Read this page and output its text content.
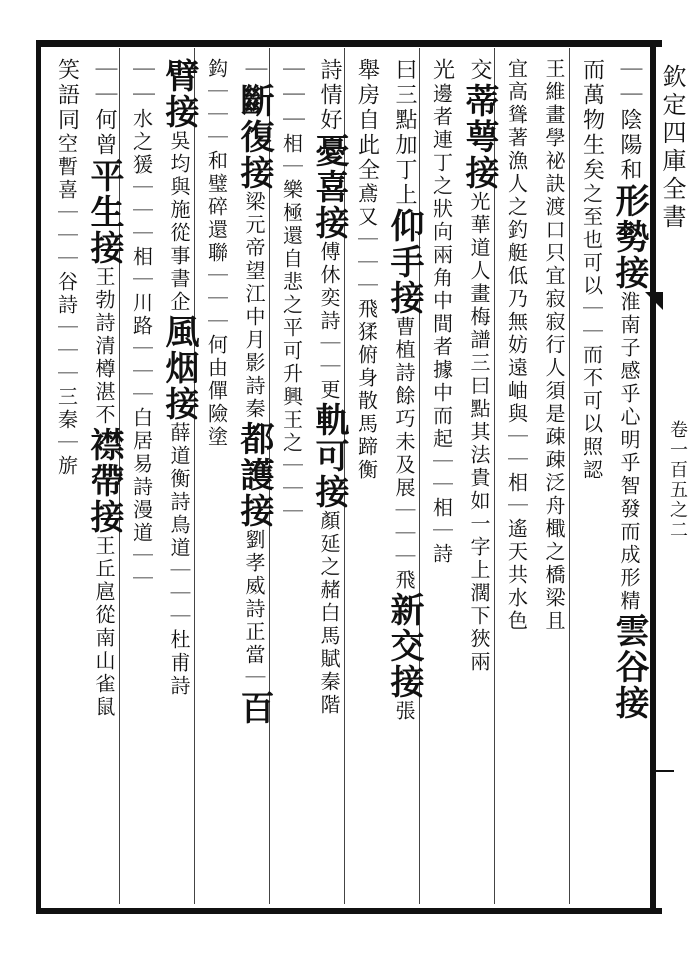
欽定四庫全書
卷一百五之二
｜｜陰陽和形勢接淮南子感乎心明乎智發而成形精雲谷接
而萬物生矣之至也可以｜｜而不可以照認
王維畫學祕訣渡口只宜寂寂行人須是疎疎泛舟檝之橋梁且
宜高聳著漁人之釣艇低乃無妨遠岫與｜｜相｜遙天共水色
交蒂萼接光華道人畫梅譜三曰點其法貴如一字上濶下狹兩
光邊者連丁之狀向兩角中間者據中而起｜｜相｜詩
曰三點加丁上仰手接曹植詩餘巧未及展｜｜｜飛新交接張
舉房自此全鳶又｜｜｜飛猱俯身散馬蹄衡
詩情好憂喜接傅休奕詩｜｜更軌可接顏延之赭白馬賦秦階
｜｜｜相｜樂極還自悲之平可升興王之｜｜｜
｜斷復接梁元帝望江中月影詩秦都護接劉孝威詩正當｜百
鈎｜｜｜和璧碎還聯｜｜｜何由僤險塗
臂接吳均與施從事書企風烟接薛道衡詩鳥道｜｜｜杜甫詩
｜｜水之猨｜｜｜相｜川路｜｜｜白居易詩漫道｜｜
｜｜何曾平生接王勃詩清樽湛不襟帶接王丘扈從南山雀鼠
笑語同空暫喜｜｜｜谷詩｜｜｜三秦｜旂
